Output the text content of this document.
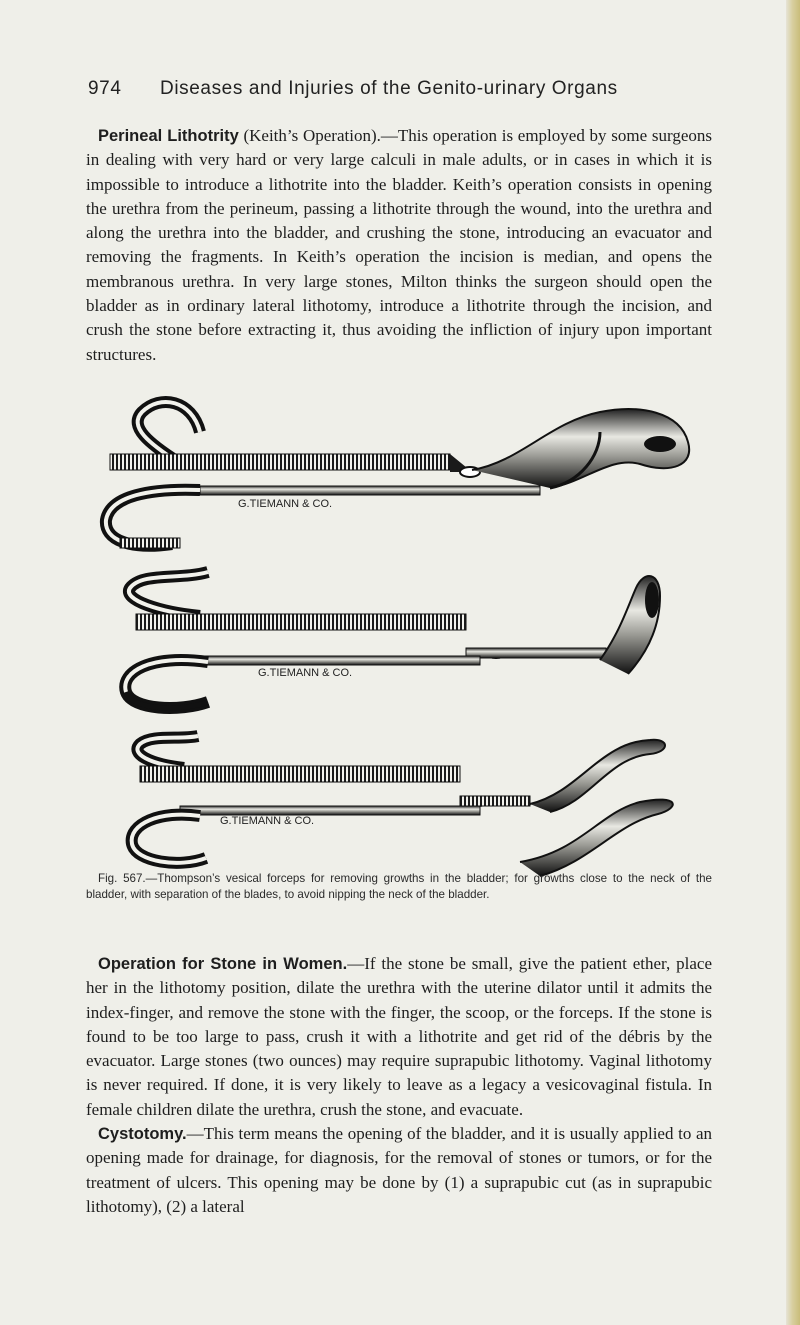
974 Diseases and Injuries of the Genito-urinary Organs

Perineal Lithotrity (Keith’s Operation).—This operation is employed by some surgeons in dealing with very hard or very large calculi in male adults, or in cases in which it is impossible to introduce a lithotrite into the bladder. Keith’s operation consists in opening the urethra from the perineum, passing a lithotrite through the wound, into the urethra and along the urethra into the bladder, and crushing the stone, introducing an evacuator and removing the fragments. In Keith’s operation the incision is median, and opens the membranous urethra. In very large stones, Milton thinks the surgeon should open the bladder as in ordinary lateral lithotomy, introduce a lithotrite through the incision, and crush the stone before extracting it, thus avoiding the infliction of injury upon important structures.

G.TIEMANN & CO.
G.TIEMANN & CO.
G.TIEMANN & CO.

Fig. 567.—Thompson’s vesical forceps for removing growths in the bladder; for growths close to the neck of the bladder, with separation of the blades, to avoid nipping the neck of the bladder.

Operation for Stone in Women.—If the stone be small, give the patient ether, place her in the lithotomy position, dilate the urethra with the uterine dilator until it admits the index-finger, and remove the stone with the finger, the scoop, or the forceps. If the stone is found to be too large to pass, crush it with a lithotrite and get rid of the débris by the evacuator. Large stones (two ounces) may require suprapubic lithotomy. Vaginal lithotomy is never required. If done, it is very likely to leave as a legacy a vesicovaginal fistula. In female children dilate the urethra, crush the stone, and evacuate.

Cystotomy.—This term means the opening of the bladder, and it is usually applied to an opening made for drainage, for diagnosis, for the removal of stones or tumors, or for the treatment of ulcers. This opening may be done by (1) a suprapubic cut (as in suprapubic lithotomy), (2) a lateral
